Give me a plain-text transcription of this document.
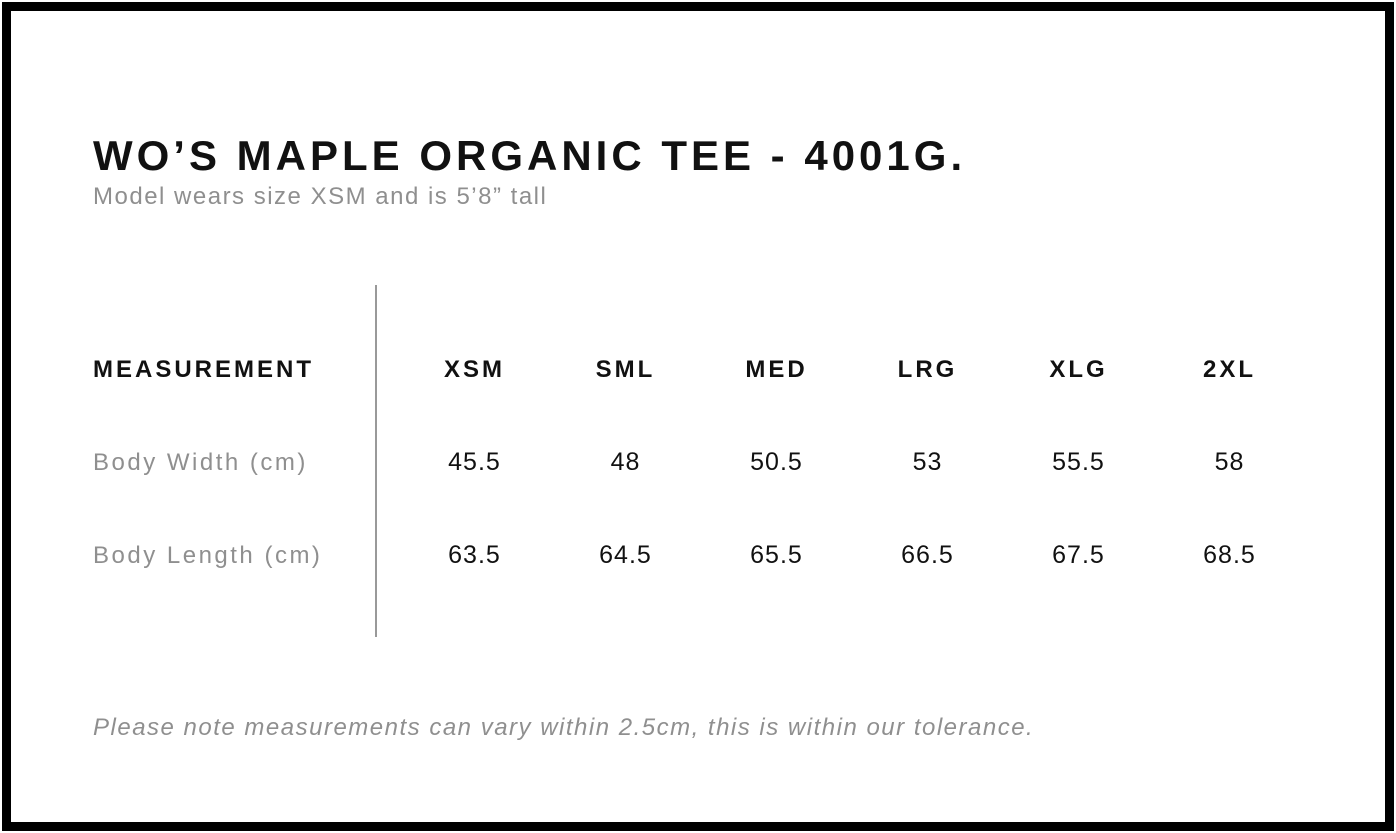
WO’S MAPLE ORGANIC TEE - 4001G.
Model wears size XSM and is 5’8” tall
MEASUREMENT	XSM	SML	MED	LRG	XLG	2XL
Body Width (cm)	45.5	48	50.5	53	55.5	58
Body Length (cm)	63.5	64.5	65.5	66.5	67.5	68.5
Please note measurements can vary within 2.5cm, this is within our tolerance.
